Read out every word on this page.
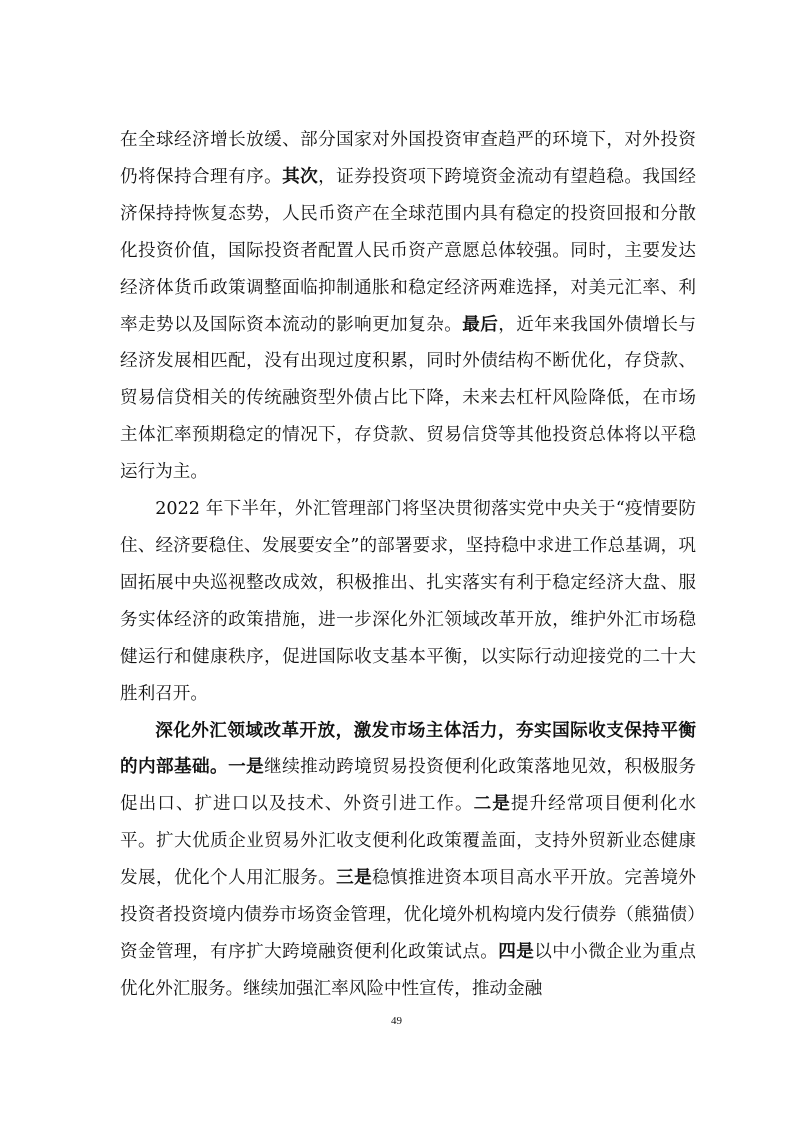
在全球经济增长放缓、部分国家对外国投资审查趋严的环境下，对外投资仍将保持合理有序。其次，证券投资项下跨境资金流动有望趋稳。我国经济保持持恢复态势，人民币资产在全球范围内具有稳定的投资回报和分散化投资价值，国际投资者配置人民币资产意愿总体较强。同时，主要发达经济体货币政策调整面临抑制通胀和稳定经济两难选择，对美元汇率、利率走势以及国际资本流动的影响更加复杂。最后，近年来我国外债增长与经济发展相匹配，没有出现过度积累，同时外债结构不断优化，存贷款、贸易信贷相关的传统融资型外债占比下降，未来去杠杆风险降低，在市场主体汇率预期稳定的情况下，存贷款、贸易信贷等其他投资总体将以平稳运行为主。

2022 年下半年，外汇管理部门将坚决贯彻落实党中央关于“疫情要防住、经济要稳住、发展要安全”的部署要求，坚持稳中求进工作总基调，巩固拓展中央巡视整改成效，积极推出、扎实落实有利于稳定经济大盘、服务实体经济的政策措施，进一步深化外汇领域改革开放，维护外汇市场稳健运行和健康秩序，促进国际收支基本平衡，以实际行动迎接党的二十大胜利召开。

深化外汇领域改革开放，激发市场主体活力，夯实国际收支保持平衡的内部基础。一是继续推动跨境贸易投资便利化政策落地见效，积极服务促出口、扩进口以及技术、外资引进工作。二是提升经常项目便利化水平。扩大优质企业贸易外汇收支便利化政策覆盖面，支持外贸新业态健康发展，优化个人用汇服务。三是稳慎推进资本项目高水平开放。完善境外投资者投资境内债券市场资金管理，优化境外机构境内发行债券（熊猫债）资金管理，有序扩大跨境融资便利化政策试点。四是以中小微企业为重点优化外汇服务。继续加强汇率风险中性宣传，推动金融

49
